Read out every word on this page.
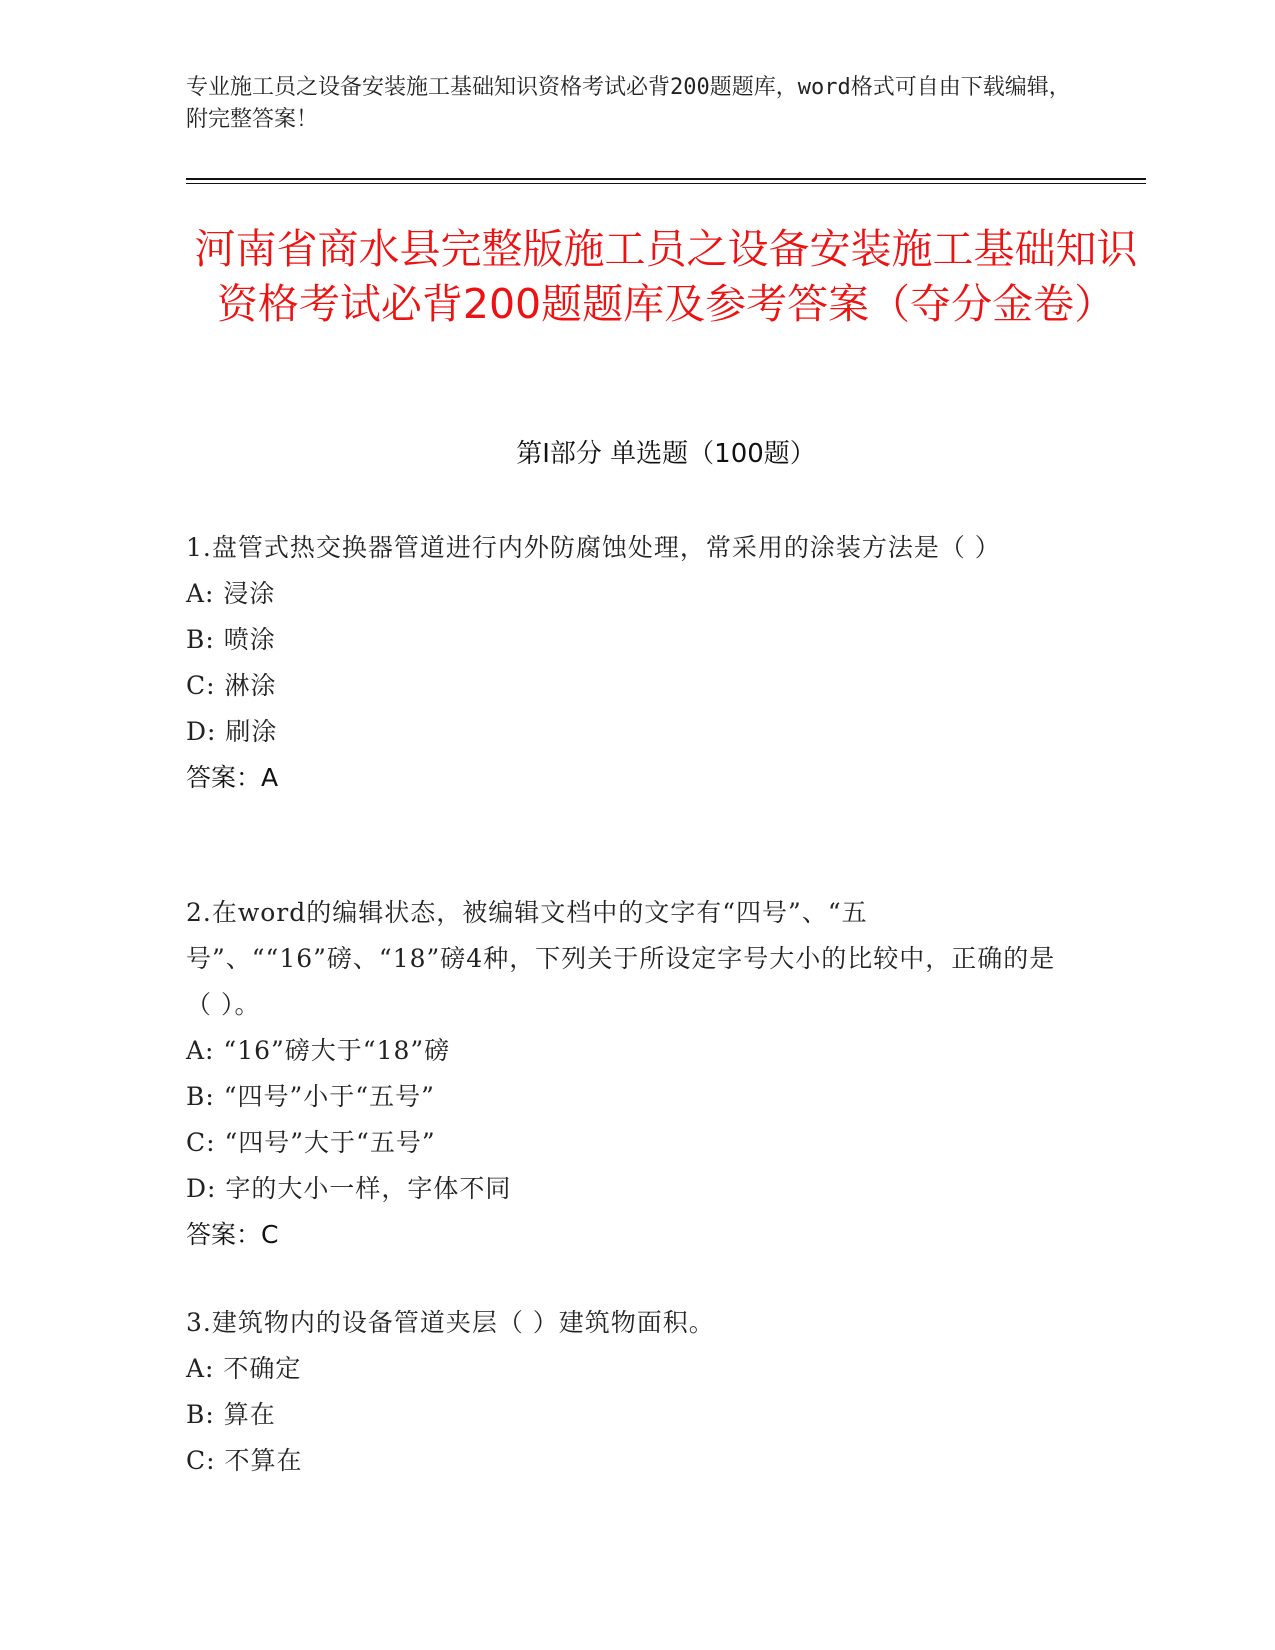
专业施工员之设备安装施工基础知识资格考试必背200题题库，word格式可自由下载编辑，附完整答案！
河南省商水县完整版施工员之设备安装施工基础知识资格考试必背200题题库及参考答案（夺分金卷）
第I部分 单选题（100题）

1.盘管式热交换器管道进行内外防腐蚀处理，常采用的涂装方法是（ ）

A: 浸涂

B: 喷涂

C: 淋涂

D: 刷涂

答案：A

2.在word的编辑状态，被编辑文档中的文字有“四号”、“五号”、““16”磅、“18”磅4种，下列关于所设定字号大小的比较中，正确的是（ ）。

A: “16”磅大于“18”磅

B: “四号”小于“五号”

C: “四号”大于“五号”

D: 字的大小一样，字体不同

答案：C

3.建筑物内的设备管道夹层（ ）建筑物面积。

A: 不确定

B: 算在

C: 不算在
